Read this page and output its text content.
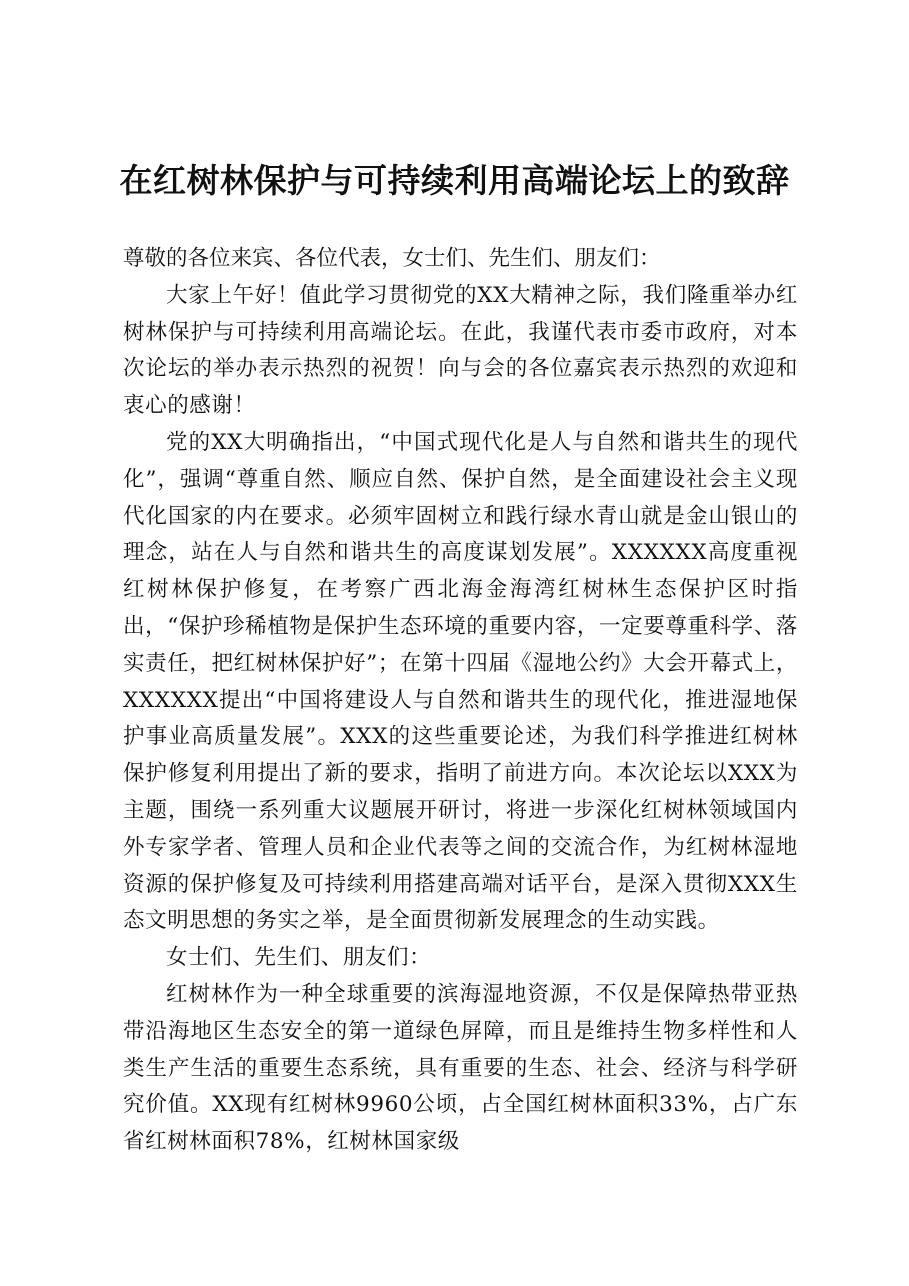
在红树林保护与可持续利用高端论坛上的致辞

尊敬的各位来宾、各位代表，女士们、先生们、朋友们：

大家上午好！值此学习贯彻党的XX大精神之际，我们隆重举办红树林保护与可持续利用高端论坛。在此，我谨代表市委市政府，对本次论坛的举办表示热烈的祝贺！向与会的各位嘉宾表示热烈的欢迎和衷心的感谢！

党的XX大明确指出，“中国式现代化是人与自然和谐共生的现代化”，强调“尊重自然、顺应自然、保护自然，是全面建设社会主义现代化国家的内在要求。必须牢固树立和践行绿水青山就是金山银山的理念，站在人与自然和谐共生的高度谋划发展”。XXXXXX高度重视红树林保护修复，在考察广西北海金海湾红树林生态保护区时指出，“保护珍稀植物是保护生态环境的重要内容，一定要尊重科学、落实责任，把红树林保护好”；在第十四届《湿地公约》大会开幕式上，XXXXXX提出“中国将建设人与自然和谐共生的现代化，推进湿地保护事业高质量发展”。XXX的这些重要论述，为我们科学推进红树林保护修复利用提出了新的要求，指明了前进方向。本次论坛以XXX为主题，围绕一系列重大议题展开研讨，将进一步深化红树林领域国内外专家学者、管理人员和企业代表等之间的交流合作，为红树林湿地资源的保护修复及可持续利用搭建高端对话平台，是深入贯彻XXX生态文明思想的务实之举，是全面贯彻新发展理念的生动实践。

女士们、先生们、朋友们：

红树林作为一种全球重要的滨海湿地资源，不仅是保障热带亚热带沿海地区生态安全的第一道绿色屏障，而且是维持生物多样性和人类生产生活的重要生态系统，具有重要的生态、社会、经济与科学研究价值。XX现有红树林9960公顷，占全国红树林面积33%，占广东省红树林面积78%，红树林国家级
